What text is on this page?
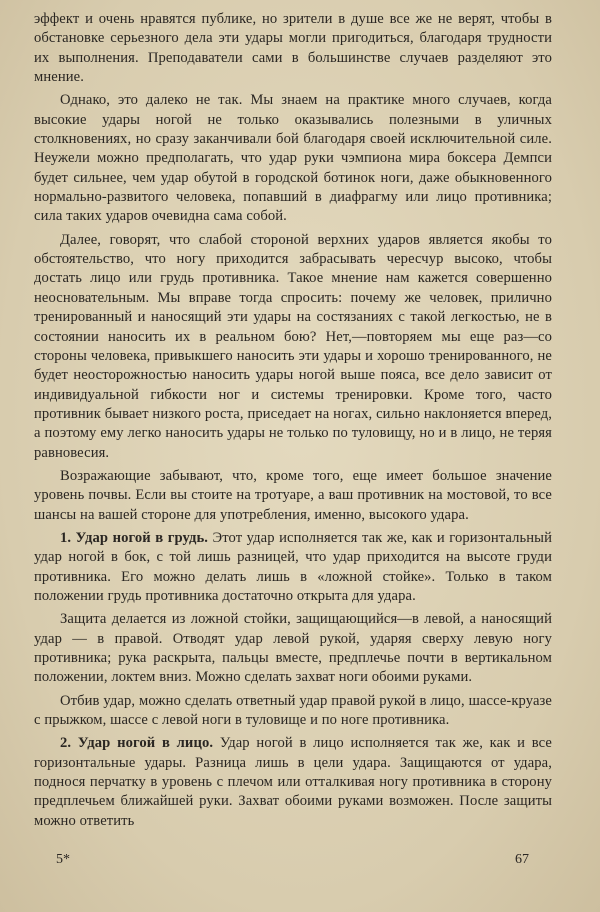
эффект и очень нравятся публике, но зрители в душе все же не верят, чтобы в обстановке серьезного дела эти удары могли пригодиться, благодаря трудности их выполнения. Преподаватели сами в большинстве случаев разделяют это мнение.

Однако, это далеко не так. Мы знаем на практике много случаев, когда высокие удары ногой не только оказывались полезными в уличных столкновениях, но сразу заканчивали бой благодаря своей исключительной силе. Неужели можно предполагать, что удар руки чэмпиона мира боксера Демпси будет сильнее, чем удар обутой в городской ботинок ноги, даже обыкновенного нормально-развитого человека, попавший в диафрагму или лицо противника; сила таких ударов очевидна сама собой.

Далее, говорят, что слабой стороной верхних ударов является якобы то обстоятельство, что ногу приходится забрасывать чересчур высоко, чтобы достать лицо или грудь противника. Такое мнение нам кажется совершенно неосновательным. Мы вправе тогда спросить: почему же человек, прилично тренированный и наносящий эти удары на состязаниях с такой легкостью, не в состоянии наносить их в реальном бою? Нет,—повторяем мы еще раз—со стороны человека, привыкшего наносить эти удары и хорошо тренированного, не будет неосторожностью наносить удары ногой выше пояса, все дело зависит от индивидуальной гибкости ног и системы тренировки. Кроме того, часто противник бывает низкого роста, приседает на ногах, сильно наклоняется вперед, а поэтому ему легко наносить удары не только по туловищу, но и в лицо, не теряя равновесия.

Возражающие забывают, что, кроме того, еще имеет большое значение уровень почвы. Если вы стоите на тротуаре, а ваш противник на мостовой, то все шансы на вашей стороне для употребления, именно, высокого удара.

1. Удар ногой в грудь. Этот удар исполняется так же, как и горизонтальный удар ногой в бок, с той лишь разницей, что удар приходится на высоте груди противника. Его можно делать лишь в «ложной стойке». Только в таком положении грудь противника достаточно открыта для удара.

Защита делается из ложной стойки, защищающийся—в левой, а наносящий удар — в правой. Отводят удар левой рукой, ударяя сверху левую ногу противника; рука раскрыта, пальцы вместе, предплечье почти в вертикальном положении, локтем вниз. Можно сделать захват ноги обоими руками.

Отбив удар, можно сделать ответный удар правой рукой в лицо, шассе-круазе с прыжком, шассе с левой ноги в туловище и по ноге противника.

2. Удар ногой в лицо. Удар ногой в лицо исполняется так же, как и все горизонтальные удары. Разница лишь в цели удара. Защищаются от удара, поднося перчатку в уровень с плечом или отталкивая ногу противника в сторону предплечьем ближайшей руки. Захват обоими руками возможен. После защиты можно ответить

5*	67
